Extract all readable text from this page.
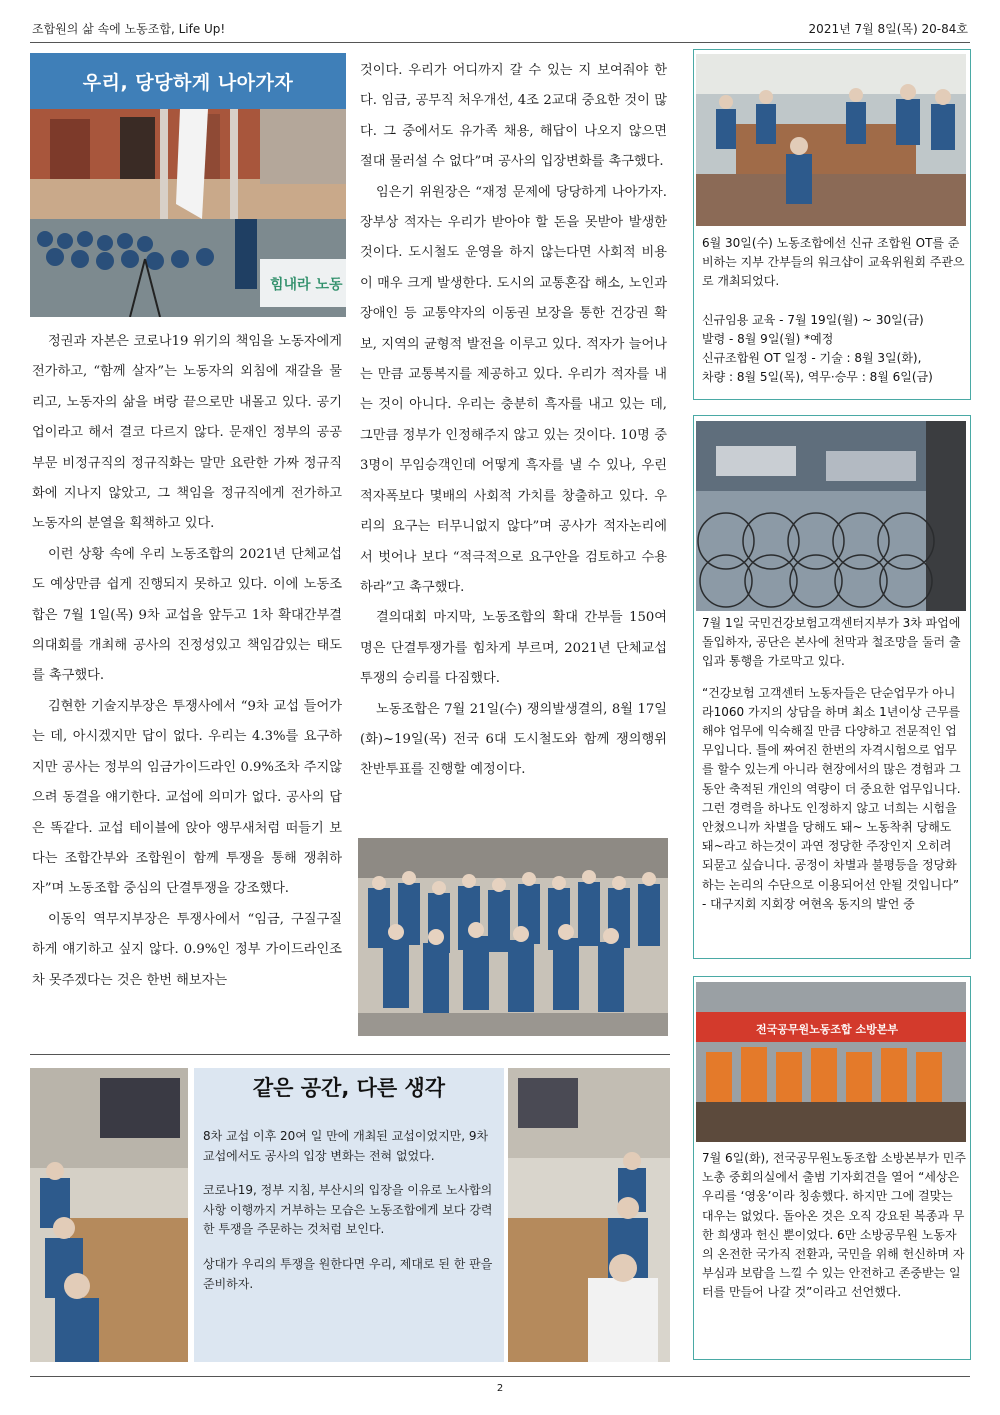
조합원의 삶 속에 노동조합, Life Up!	2021년 7월 8일(목) 20-84호
우리, 당당하게 나아가자
힘내라 노동

정권과 자본은 코로나19 위기의 책임을 노동자에게 전가하고, “함께 살자”는 노동자의 외침에 재갈을 물리고, 노동자의 삶을 벼랑 끝으로만 내몰고 있다. 공기업이라고 해서 결코 다르지 않다. 문재인 정부의 공공부문 비정규직의 정규직화는 말만 요란한 가짜 정규직화에 지나지 않았고, 그 책임을 정규직에게 전가하고 노동자의 분열을 획책하고 있다.

이런 상황 속에 우리 노동조합의 2021년 단체교섭도 예상만큼 쉽게 진행되지 못하고 있다. 이에 노동조합은 7월 1일(목) 9차 교섭을 앞두고 1차 확대간부결의대회를 개최해 공사의 진정성있고 책임감있는 태도를 촉구했다.

김현한 기술지부장은 투쟁사에서 “9차 교섭 들어가는 데, 아시겠지만 답이 없다. 우리는 4.3%를 요구하지만 공사는 정부의 임금가이드라인 0.9%조차 주지않으려 동결을 얘기한다. 교섭에 의미가 없다. 공사의 답은 똑같다. 교섭 테이블에 앉아 앵무새처럼 떠들기 보다는 조합간부와 조합원이 함께 투쟁을 통해 쟁취하자”며 노동조합 중심의 단결투쟁을 강조했다.

이동익 역무지부장은 투쟁사에서 “임금, 구질구질하게 얘기하고 싶지 않다. 0.9%인 정부 가이드라인조차 못주겠다는 것은 한번 해보자는

것이다. 우리가 어디까지 갈 수 있는 지 보여줘야 한다. 임금, 공무직 처우개선, 4조 2교대 중요한 것이 많다. 그 중에서도 유가족 채용, 해답이 나오지 않으면 절대 물러설 수 없다”며 공사의 입장변화를 촉구했다.

임은기 위원장은 “재정 문제에 당당하게 나아가자. 장부상 적자는 우리가 받아야 할 돈을 못받아 발생한 것이다. 도시철도 운영을 하지 않는다면 사회적 비용이 매우 크게 발생한다. 도시의 교통혼잡 해소, 노인과 장애인 등 교통약자의 이동권 보장을 통한 건강권 확보, 지역의 균형적 발전을 이루고 있다. 적자가 늘어나는 만큼 교통복지를 제공하고 있다. 우리가 적자를 내는 것이 아니다. 우리는 충분히 흑자를 내고 있는 데, 그만큼 정부가 인정해주지 않고 있는 것이다. 10명 중 3명이 무임승객인데 어떻게 흑자를 낼 수 있나, 우린 적자폭보다 몇배의 사회적 가치를 창출하고 있다. 우리의 요구는 터무니없지 않다”며 공사가 적자논리에서 벗어나 보다 “적극적으로 요구안을 검토하고 수용하라”고 촉구했다.

결의대회 마지막, 노동조합의 확대 간부들 150여명은 단결투쟁가를 힘차게 부르며, 2021년 단체교섭 투쟁의 승리를 다짐했다.

노동조합은 7월 21일(수) 쟁의발생결의, 8월 17일(화)~19일(목) 전국 6대 도시철도와 함께 쟁의행위 찬반투표를 진행할 예정이다.

같은 공간, 다른 생각

8차 교섭 이후 20여 일 만에 개최된 교섭이었지만, 9차 교섭에서도 공사의 입장 변화는 전혀 없었다.

코로나19, 정부 지침, 부산시의 입장을 이유로 노사합의사항 이행까지 거부하는 모습은 노동조합에게 보다 강력한 투쟁을 주문하는 것처럼 보인다.

상대가 우리의 투쟁을 원한다면 우리, 제대로 된 한 판을 준비하자.

6월 30일(수) 노동조합에선 신규 조합원 OT를 준비하는 지부 간부들의 워크샵이 교육위원회 주관으로 개최되었다.

신규임용 교육 - 7월 19일(월) ~ 30일(금)

발령 - 8월 9일(월) *예정

신규조합원 OT 일정 - 기술 : 8월 3일(화),

차량 : 8월 5일(목), 역무·승무 : 8월 6일(금)

7월 1일 국민건강보험고객센터지부가 3차 파업에 돌입하자, 공단은 본사에 천막과 철조망을 둘러 출입과 통행을 가로막고 있다.

“건강보험 고객센터 노동자들은 단순업무가 아니라1060 가지의 상담을 하며 최소 1년이상 근무를 해야 업무에 익숙해질 만큼 다양하고 전문적인 업무입니다. 틀에 짜여진 한번의 자격시험으로 업무를 할수 있는게 아니라 현장에서의 많은 경험과 그동안 축적된 개인의 역량이 더 중요한 업무입니다. 그런 경력을 하나도 인정하지 않고 너희는 시험을 안쳤으니까 차별을 당해도 돼~ 노동착취 당해도 돼~라고 하는것이 과연 정당한 주장인지 오히려 되묻고 싶습니다. 공정이 차별과 불평등을 정당화하는 논리의 수단으로 이용되어선 안될 것입니다”

- 대구지회 지회장 여현옥 동지의 발언 중

전국공무원노동조합 소방본부

7월 6일(화), 전국공무원노동조합 소방본부가 민주노총 중회의실에서 출범 기자회견을 열어 “세상은 우리를 ‘영웅’이라 칭송했다. 하지만 그에 걸맞는 대우는 없었다. 돌아온 것은 오직 강요된 복종과 무한 희생과 헌신 뿐이었다. 6만 소방공무원 노동자의 온전한 국가직 전환과, 국민을 위해 헌신하며 자부심과 보람을 느낄 수 있는 안전하고 존중받는 일터를 만들어 나갈 것”이라고 선언했다.

2
